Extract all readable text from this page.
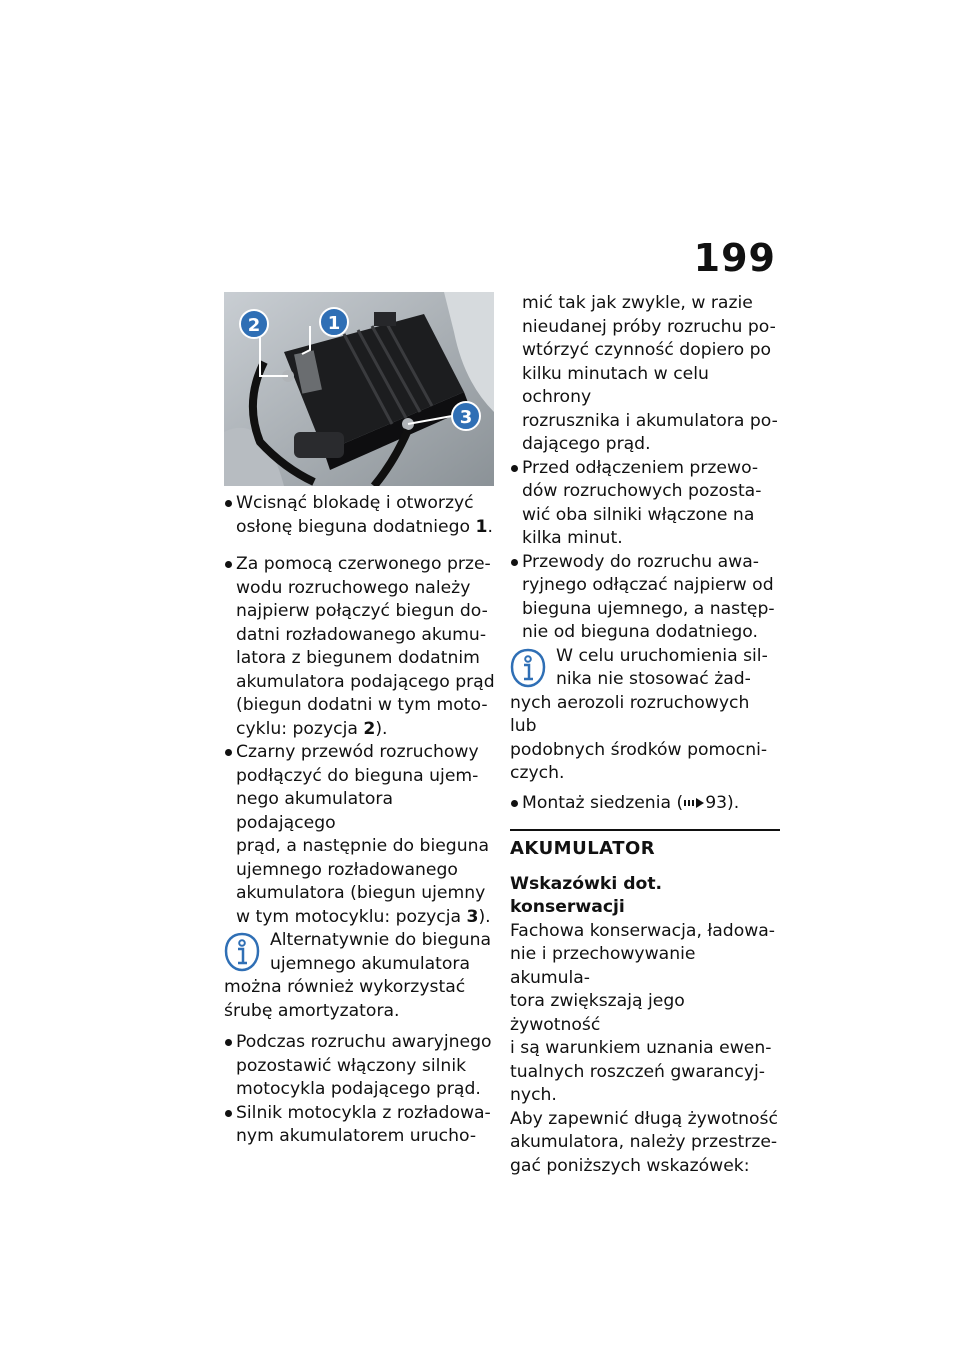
199
2	1
3
Wcisnąć blokadę i otworzyć
osłonę bieguna dodatniego 1.
Za pomocą czerwonego prze-
wodu rozruchowego należy
najpierw połączyć biegun do-
datni rozładowanego akumu-
latora z biegunem dodatnim
akumulatora podającego prąd
(biegun dodatni w tym moto-
cyklu: pozycja 2).
Czarny przewód rozruchowy
podłączyć do bieguna ujem-
nego akumulatora podającego
prąd, a następnie do bieguna
ujemnego rozładowanego
akumulatora (biegun ujemny
w tym motocyklu: pozycja 3).
Alternatywnie do bieguna
ujemnego akumulatora
można również wykorzystać
śrubę amortyzatora.
Podczas rozruchu awaryjnego
pozostawić włączony silnik
motocykla podającego prąd.
Silnik motocykla z rozładowa-
nym akumulatorem urucho-
mić tak jak zwykle, w razie
nieudanej próby rozruchu po-
wtórzyć czynność dopiero po
kilku minutach w celu ochrony
rozrusznika i akumulatora po-
dającego prąd.
Przed odłączeniem przewo-
dów rozruchowych pozosta-
wić oba silniki włączone na
kilka minut.
Przewody do rozruchu awa-
ryjnego odłączać najpierw od
bieguna ujemnego, a następ-
nie od bieguna dodatniego.
W celu uruchomienia sil-
nika nie stosować żad-
nych aerozoli rozruchowych lub
podobnych środków pomocni-
czych.
Montaż siedzenia ( 93).
AKUMULATOR
Wskazówki dot. konserwacji
Fachowa konserwacja, ładowa-
nie i przechowywanie akumula-
tora zwiększają jego żywotność
i są warunkiem uznania ewen-
tualnych roszczeń gwarancyj-
nych.
Aby zapewnić długą żywotność
akumulatora, należy przestrze-
gać poniższych wskazówek:
